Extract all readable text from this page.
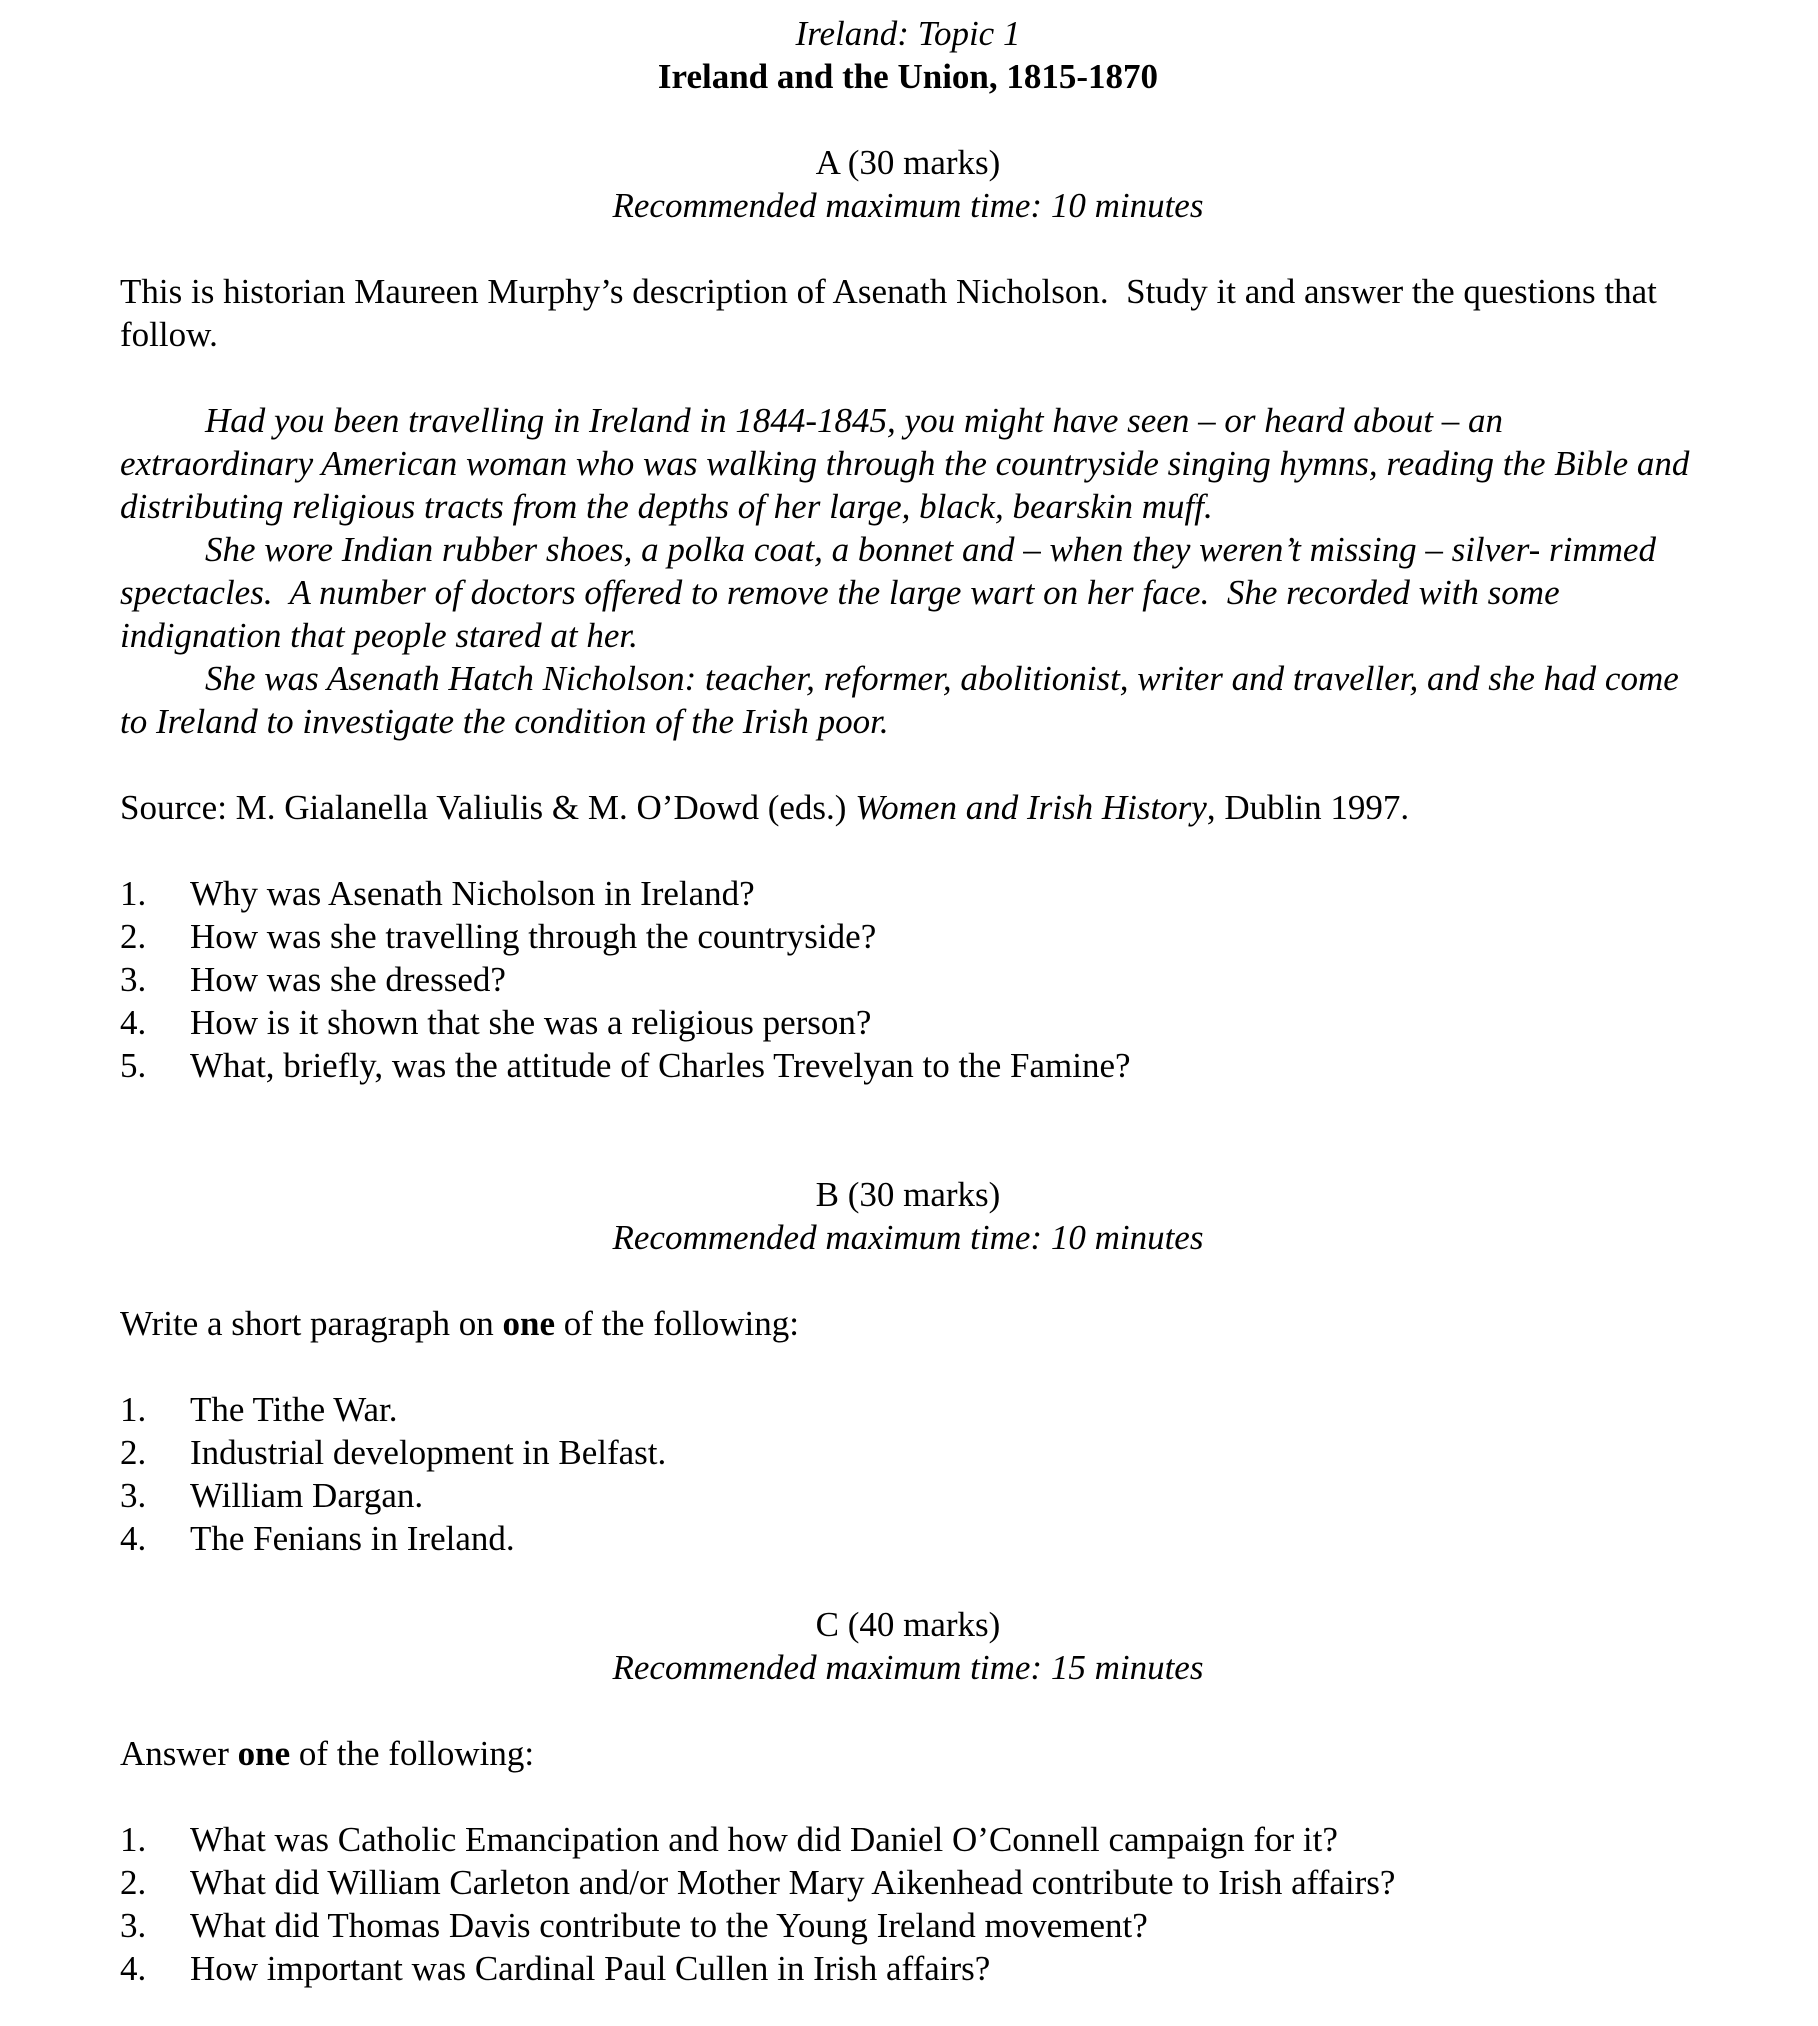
Ireland: Topic 1

Ireland and the Union, 1815-1870

A (30 marks)

Recommended maximum time: 10 minutes

This is historian Maureen Murphy’s description of Asenath Nicholson.  Study it and answer the questions that follow.

Had you been travelling in Ireland in 1844-1845, you might have seen – or heard about – an extraordinary American woman who was walking through the countryside singing hymns, reading the Bible and distributing religious tracts from the depths of her large, black, bearskin muff.

She wore Indian rubber shoes, a polka coat, a bonnet and – when they weren’t missing – silver- rimmed spectacles.  A number of doctors offered to remove the large wart on her face.  She recorded with some indignation that people stared at her.

She was Asenath Hatch Nicholson: teacher, reformer, abolitionist, writer and traveller, and she had come to Ireland to investigate the condition of the Irish poor.

Source: M. Gialanella Valiulis & M. O’Dowd (eds.) Women and Irish History, Dublin 1997.

1.	Why was Asenath Nicholson in Ireland?
2.	How was she travelling through the countryside?
3.	How was she dressed?
4.	How is it shown that she was a religious person?
5.	What, briefly, was the attitude of Charles Trevelyan to the Famine?

B (30 marks)

Recommended maximum time: 10 minutes

Write a short paragraph on one of the following:

1.	The Tithe War.
2.	Industrial development in Belfast.
3.	William Dargan.
4.	The Fenians in Ireland.

C (40 marks)

Recommended maximum time: 15 minutes

Answer one of the following:

1.	What was Catholic Emancipation and how did Daniel O’Connell campaign for it?
2.	What did William Carleton and/or Mother Mary Aikenhead contribute to Irish affairs?
3.	What did Thomas Davis contribute to the Young Ireland movement?
4.	How important was Cardinal Paul Cullen in Irish affairs?
